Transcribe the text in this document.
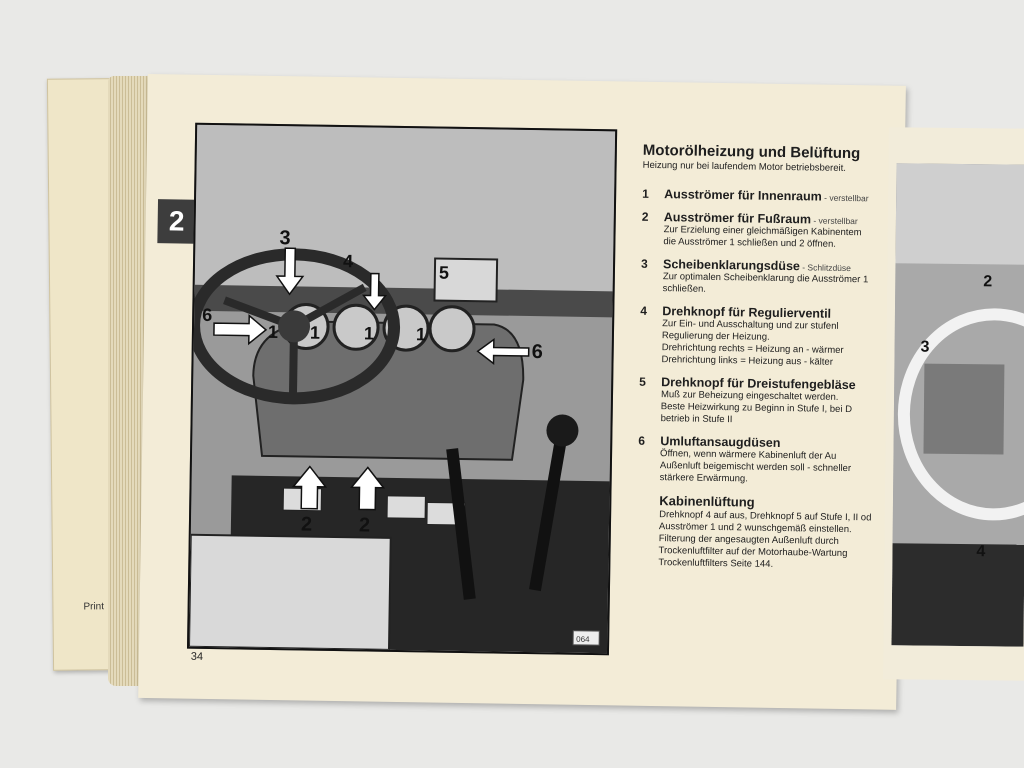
Print
2
3
4
5
6
1 1 1 1
6
2 2
064
34
Motorölheizung und Belüftung
Heizung nur bei laufendem Motor betriebsbereit.
1	Ausströmer für Innenraum - verstellbar
2	Ausströmer für Fußraum - verstellbar
Zur Erzielung einer gleichmäßigen Kabinentem
die Ausströmer 1 schließen und 2 öffnen.
3	Scheibenklarungsdüse - Schlitzdüse
Zur optimalen Scheibenklarung die Ausströmer 1
schließen.
4	Drehknopf für Regulierventil
Zur Ein- und Ausschaltung und zur stufenl
Regulierung der Heizung.
Drehrichtung rechts = Heizung an - wärmer
Drehrichtung links = Heizung aus - kälter
5	Drehknopf für Dreistufengebläse
Muß zur Beheizung eingeschaltet werden.
Beste Heizwirkung zu Beginn in Stufe I, bei D
betrieb in Stufe II
6	Umluftansaugdüsen
Öffnen, wenn wärmere Kabinenluft der Au
Außenluft beigemischt werden soll - schneller
stärkere Erwärmung.
Kabinenlüftung
Drehknopf 4 auf aus, Drehknopf 5 auf Stufe I, II od
Ausströmer 1 und 2 wunschgemäß einstellen.
Filterung der angesaugten Außenluft durch
Trockenluftfilter auf der Motorhaube-Wartung
Trockenluftfilters Seite 144.
2
3
4
